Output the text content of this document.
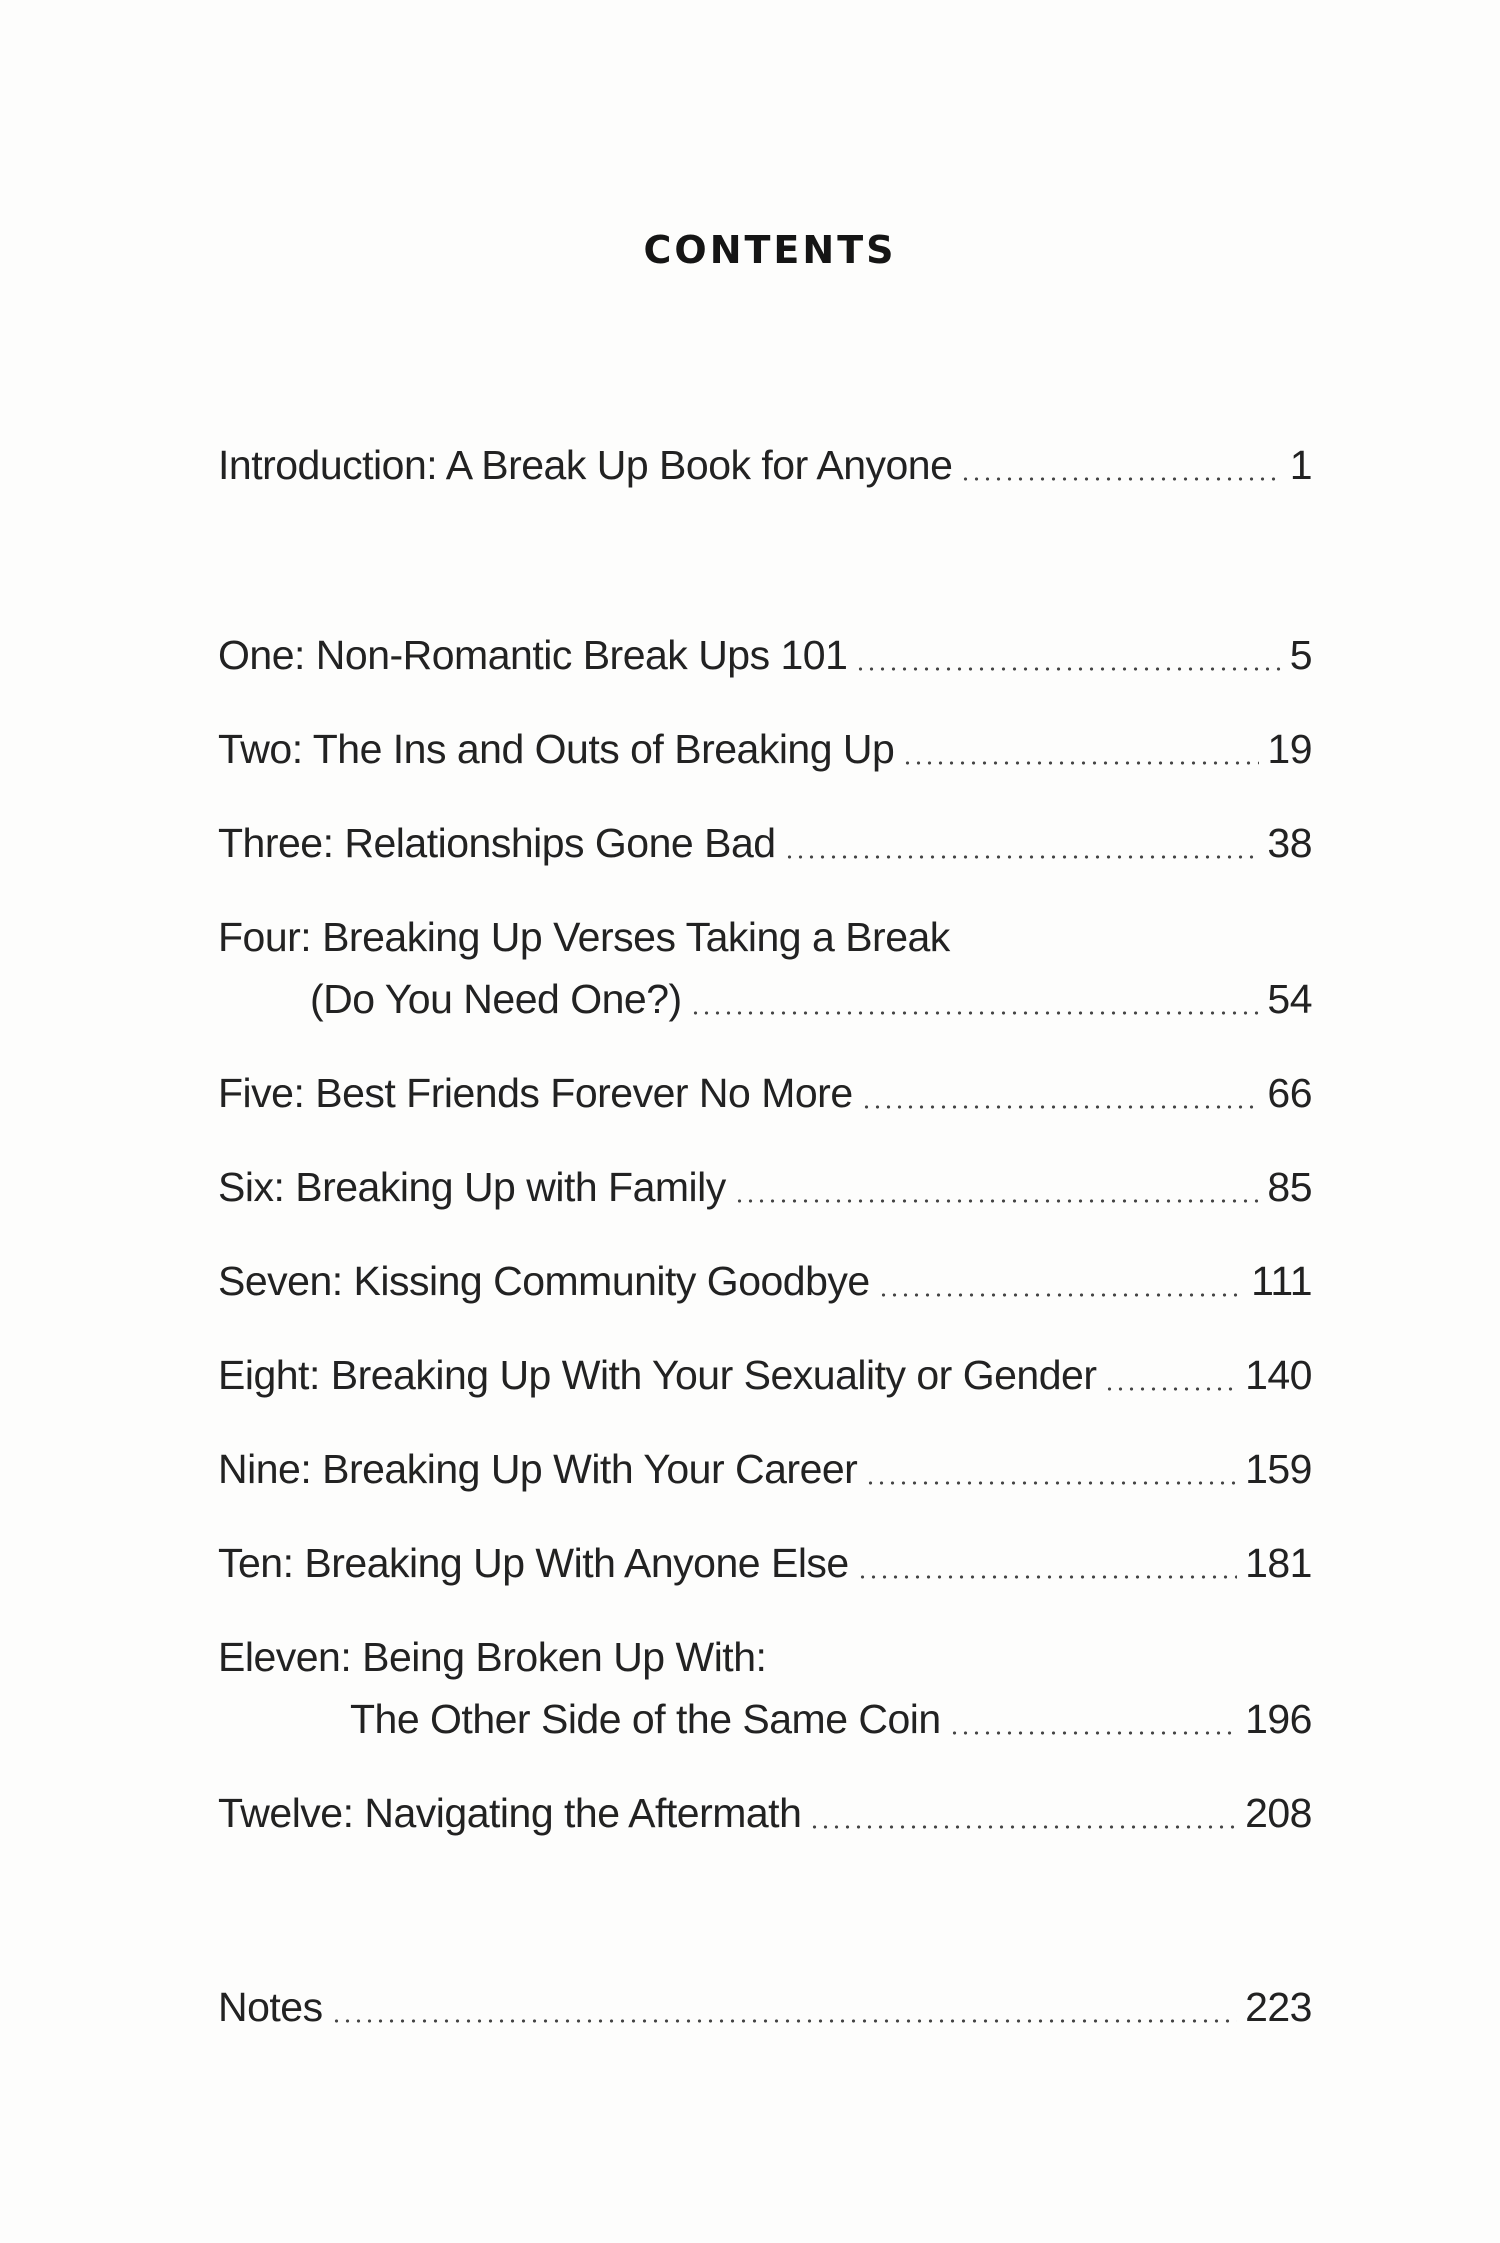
CONTENTS
Introduction: A Break Up Book for Anyone	1
One: Non-Romantic Break Ups 101	5
Two: The Ins and Outs of Breaking Up	19
Three: Relationships Gone Bad	38
Four: Breaking Up Verses Taking a Break
(Do You Need One?)	54
Five: Best Friends Forever No More	66
Six: Breaking Up with Family	85
Seven: Kissing Community Goodbye	111
Eight: Breaking Up With Your Sexuality or Gender	140
Nine: Breaking Up With Your Career	159
Ten: Breaking Up With Anyone Else	181
Eleven: Being Broken Up With:
The Other Side of the Same Coin	196
Twelve: Navigating the Aftermath	208
Notes	223
